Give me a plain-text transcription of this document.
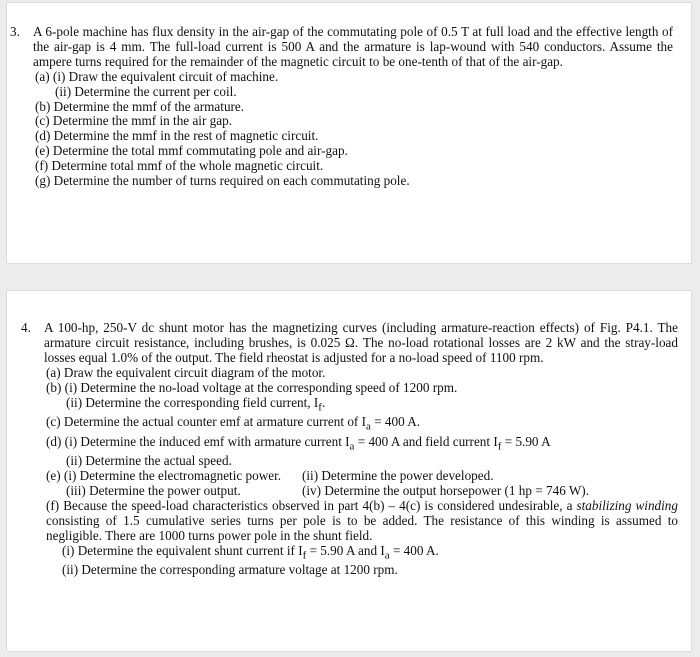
3. A 6-pole machine has flux density in the air-gap of the commutating pole of 0.5 T at full load and the effective length of the air-gap is 4 mm. The full-load current is 500 A and the armature is lap-wound with 540 conductors. Assume the ampere turns required for the remainder of the magnetic circuit to be one-tenth of that of the air-gap.
(a) (i) Draw the equivalent circuit of machine.
(ii) Determine the current per coil.
(b) Determine the mmf of the armature.
(c) Determine the mmf in the air gap.
(d) Determine the mmf in the rest of magnetic circuit.
(e) Determine the total mmf commutating pole and air-gap.
(f) Determine total mmf of the whole magnetic circuit.
(g) Determine the number of turns required on each commutating pole.
4. A 100-hp, 250-V dc shunt motor has the magnetizing curves (including armature-reaction effects) of Fig. P4.1. The armature circuit resistance, including brushes, is 0.025 Ω. The no-load rotational losses are 2 kW and the stray-load losses equal 1.0% of the output. The field rheostat is adjusted for a no-load speed of 1100 rpm.
(a) Draw the equivalent circuit diagram of the motor.
(b) (i) Determine the no-load voltage at the corresponding speed of 1200 rpm.
(ii) Determine the corresponding field current, $I_f$.
(c) Determine the actual counter emf at armature current of $I_a = 400$ A.
(d) (i) Determine the induced emf with armature current $I_a = 400$ A and field current $I_f = 5.90$ A
(ii) Determine the actual speed.
(e) (i) Determine the electromagnetic power.	(ii) Determine the power developed.
(iii) Determine the power output.	(iv) Determine the output horsepower (1 hp = 746 W).
(f) Because the speed-load characteristics observed in part 4(b) – 4(c) is considered undesirable, a stabilizing winding consisting of 1.5 cumulative series turns per pole is to be added. The resistance of this winding is assumed to negligible. There are 1000 turns power pole in the shunt field.
(i) Determine the equivalent shunt current if $I_f = 5.90$ A and $I_a = 400$ A.
(ii) Determine the corresponding armature voltage at 1200 rpm.
